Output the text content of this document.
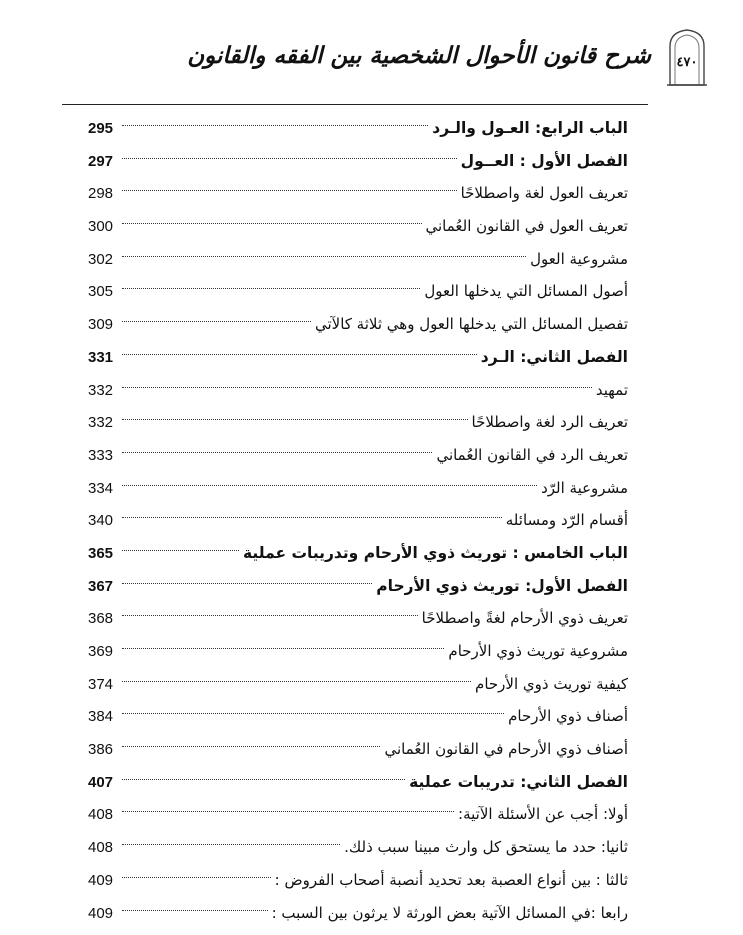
٤٧٠
شرح قانون الأحوال الشخصية بين الفقه والقانون
الباب الرابع: العـول والـرد
295
الفصل الأول : العــول
297
تعريف العول لغة واصطلاحًا
298
تعريف العول في القانون العُماني
300
مشروعية العول
302
أصول المسائل التي يدخلها العول
305
تفصيل المسائل التي يدخلها العول وهي ثلاثة كالآتي
309
الفصل الثاني: الـرد
331
تمهيد
332
تعريف الرد لغة واصطلاحًا
332
تعريف الرد في القانون العُماني
333
مشروعية الرّد
334
أقسام الرّد ومسائله
340
الباب الخامس : توريث ذوي الأرحام وتدريبات عملية
365
الفصل الأول: توريث ذوي الأرحام
367
تعريف ذوي الأرحام لغةً واصطلاحًا
368
مشروعية توريث ذوي الأرحام
369
كيفية توريث ذوي الأرحام
374
أصناف ذوي الأرحام
384
أصناف ذوي الأرحام في القانون العُماني
386
الفصل الثاني: تدريبات عملية
407
أولا: أجب عن الأسئلة الآتية:
408
ثانيا: حدد ما يستحق كل وارث مبينا سبب ذلك.
408
ثالثا : بين أنواع العصبة بعد تحديد أنصبة أصحاب الفروض :
409
رابعا :في المسائل الآتية بعض الورثة لا يرثون بين السبب :
409
